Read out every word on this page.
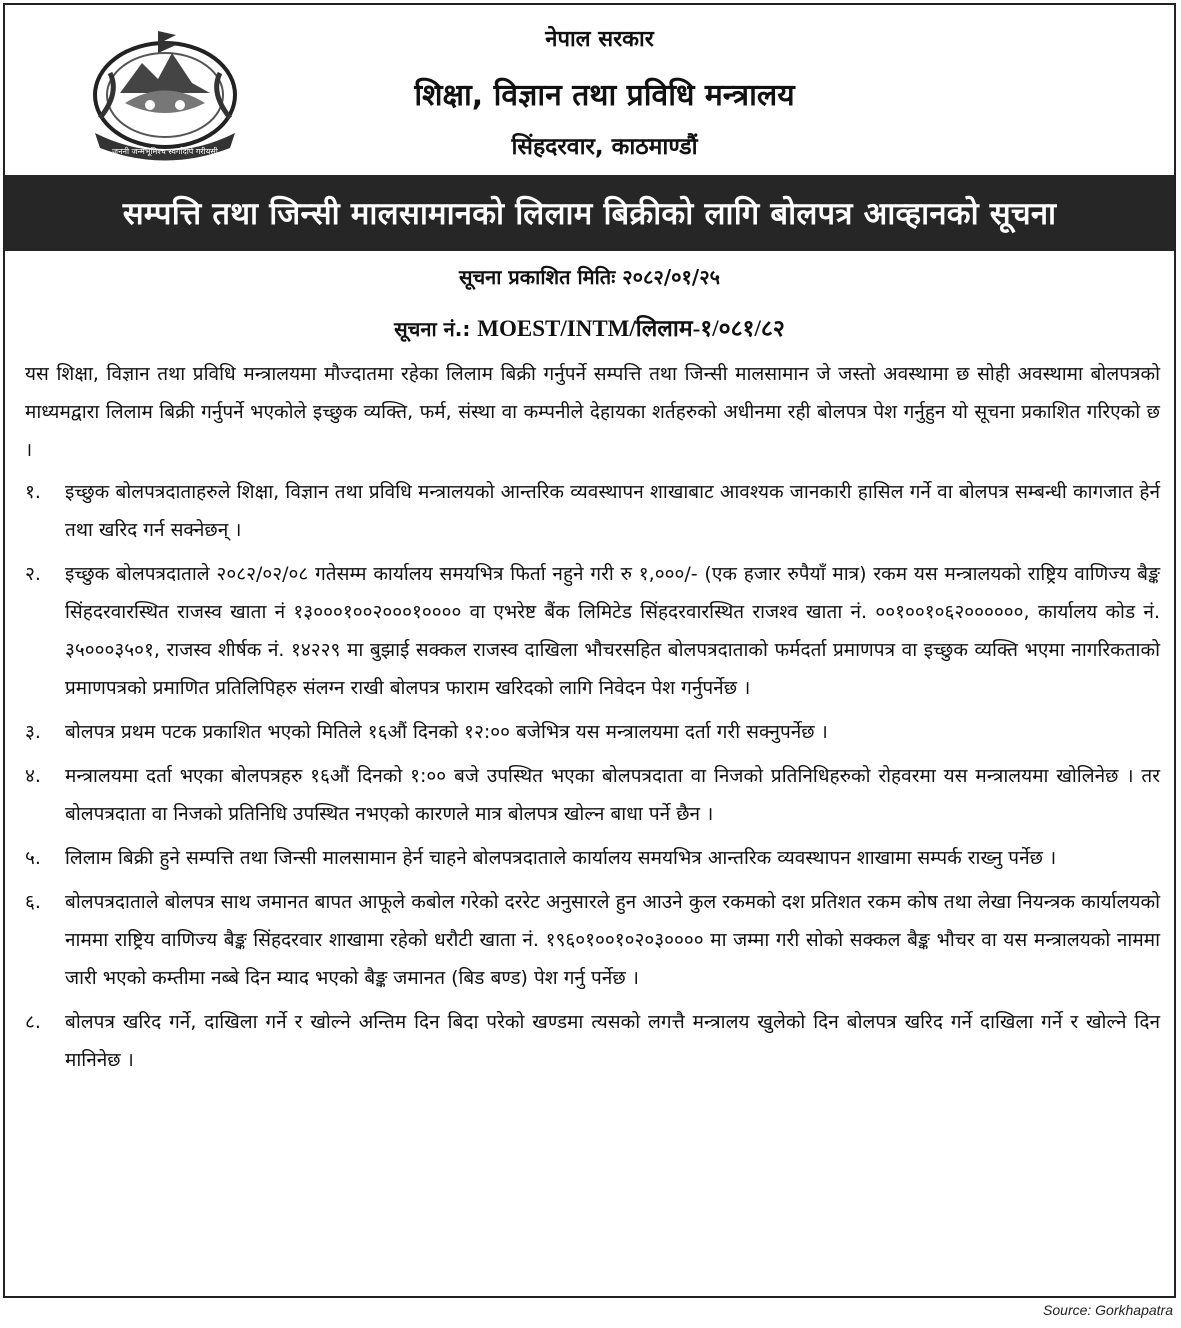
जननी जन्मभूमिश्च स्वर्गादपि गरीयसी
नेपाल सरकार
शिक्षा, विज्ञान तथा प्रविधि मन्त्रालय
सिंहदरवार, काठमाण्डौं
सम्पत्ति तथा जिन्सी मालसामानको लिलाम बिक्रीको लागि बोलपत्र आव्हानको सूचना
सूचना प्रकाशित मितिः २०८२/०१/२५
सूचना नं.: MOEST/INTM/लिलाम-१/०८१/८२

यस शिक्षा, विज्ञान तथा प्रविधि मन्त्रालयमा मौज्दातमा रहेका लिलाम बिक्री गर्नुपर्ने सम्पत्ति तथा जिन्सी मालसामान जे जस्तो अवस्थामा छ सोही अवस्थामा बोलपत्रको माध्यमद्वारा लिलाम बिक्री गर्नुपर्ने भएकोले इच्छुक व्यक्ति, फर्म, संस्था वा कम्पनीले देहायका शर्तहरुको अधीनमा रही बोलपत्र पेश गर्नुहुन यो सूचना प्रकाशित गरिएको छ ।

१.	इच्छुक बोलपत्रदाताहरुले शिक्षा, विज्ञान तथा प्रविधि मन्त्रालयको आन्तरिक व्यवस्थापन शाखाबाट आवश्यक जानकारी हासिल गर्ने वा बोलपत्र सम्बन्धी कागजात हेर्न तथा खरिद गर्न सक्नेछन् ।
२.	इच्छुक बोलपत्रदाताले २०८२/०२/०८ गतेसम्म कार्यालय समयभित्र फिर्ता नहुने गरी रु १,०००/- (एक हजार रुपैयाँ मात्र) रकम यस मन्त्रालयको राष्ट्रिय वाणिज्य बैङ्क सिंहदरवारस्थित राजस्व खाता नं १३०००१००२०००१०००० वा एभरेष्ट बैंक लिमिटेड सिंहदरवारस्थित राजश्व खाता नं. ००१००१०६२००००००, कार्यालय कोड नं. ३५०००३५०१, राजस्व शीर्षक नं. १४२२९ मा बुझाई सक्कल राजस्व दाखिला भौचरसहित बोलपत्रदाताको फर्मदर्ता प्रमाणपत्र वा इच्छुक व्यक्ति भएमा नागरिकताको प्रमाणपत्रको प्रमाणित प्रतिलिपिहरु संलग्न राखी बोलपत्र फाराम खरिदको लागि निवेदन पेश गर्नुपर्नेछ ।
३.	बोलपत्र प्रथम पटक प्रकाशित भएको मितिले १६औं दिनको १२:०० बजेभित्र यस मन्त्रालयमा दर्ता गरी सक्नुपर्नेछ ।
४.	मन्त्रालयमा दर्ता भएका बोलपत्रहरु १६औं दिनको १:०० बजे उपस्थित भएका बोलपत्रदाता वा निजको प्रतिनिधिहरुको रोहवरमा यस मन्त्रालयमा खोलिनेछ । तर बोलपत्रदाता वा निजको प्रतिनिधि उपस्थित नभएको कारणले मात्र बोलपत्र खोल्न बाधा पर्ने छैन ।
५.	लिलाम बिक्री हुने सम्पत्ति तथा जिन्सी मालसामान हेर्न चाहने बोलपत्रदाताले कार्यालय समयभित्र आन्तरिक व्यवस्थापन शाखामा सम्पर्क राख्नु पर्नेछ ।
६.	बोलपत्रदाताले बोलपत्र साथ जमानत बापत आफूले कबोल गरेको दररेट अनुसारले हुन आउने कुल रकमको दश प्रतिशत रकम कोष तथा लेखा नियन्त्रक कार्यालयको नाममा राष्ट्रिय वाणिज्य बैङ्क सिंहदरवार शाखामा रहेको धरौटी खाता नं. १९६०१००१०२०३०००० मा जम्मा गरी सोको सक्कल बैङ्क भौचर वा यस मन्त्रालयको नाममा जारी भएको कम्तीमा नब्बे दिन म्याद भएको बैङ्क जमानत (बिड बण्ड) पेश गर्नु पर्नेछ ।
८.	बोलपत्र खरिद गर्ने, दाखिला गर्ने र खोल्ने अन्तिम दिन बिदा परेको खण्डमा त्यसको लगत्तै मन्त्रालय खुलेको दिन बोलपत्र खरिद गर्ने दाखिला गर्ने र खोल्ने दिन मानिनेछ ।
Source: Gorkhapatra
